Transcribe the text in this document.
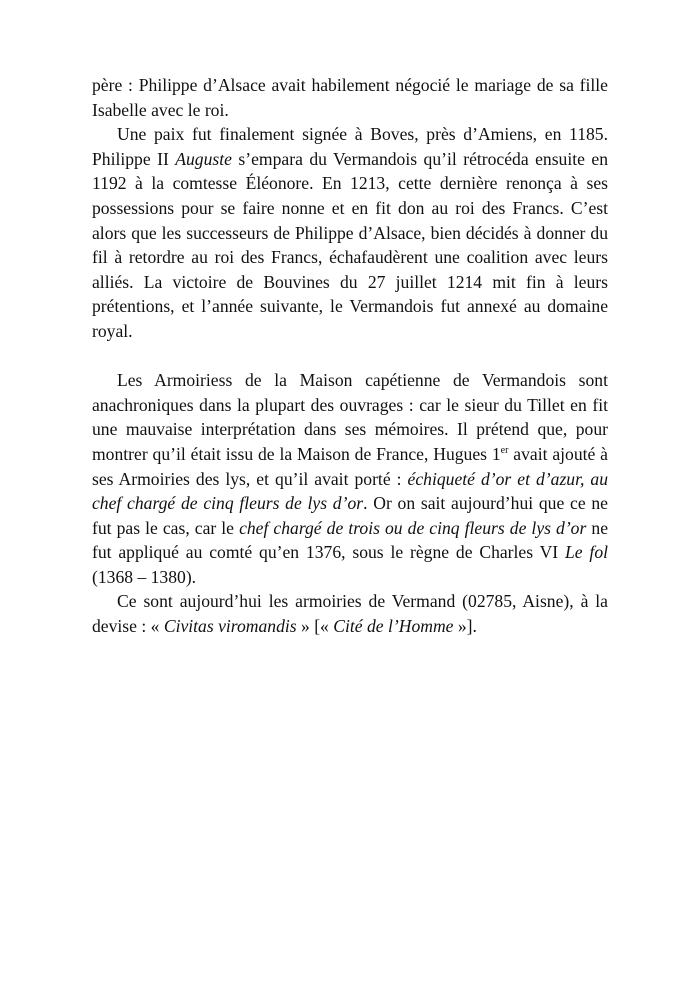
père : Philippe d’Alsace avait habilement négocié le mariage de sa fille Isabelle avec le roi.

Une paix fut finalement signée à Boves, près d’Amiens, en 1185. Philippe II Auguste s’empara du Vermandois qu’il rétrocéda ensuite en 1192 à la comtesse Éléonore. En 1213, cette dernière renonça à ses possessions pour se faire nonne et en fit don au roi des Francs. C’est alors que les successeurs de Philippe d’Alsace, bien décidés à donner du fil à retordre au roi des Francs, échafaudèrent une coalition avec leurs alliés. La victoire de Bouvines du 27 juillet 1214 mit fin à leurs prétentions, et l’année suivante, le Vermandois fut annexé au domaine royal.

Les Armoiriess de la Maison capétienne de Vermandois sont anachroniques dans la plupart des ouvrages : car le sieur du Tillet en fit une mauvaise interprétation dans ses mémoires. Il prétend que, pour montrer qu’il était issu de la Maison de France, Hugues 1er avait ajouté à ses Armoiries des lys, et qu’il avait porté : échiqueté d’or et d’azur, au chef chargé de cinq fleurs de lys d’or. Or on sait aujourd’hui que ce ne fut pas le cas, car le chef chargé de trois ou de cinq fleurs de lys d’or ne fut appliqué au comté qu’en 1376, sous le règne de Charles VI Le fol (1368 – 1380).

Ce sont aujourd’hui les armoiries de Vermand (02785, Aisne), à la devise : « Civitas viromandis » [« Cité de l’Homme »].
